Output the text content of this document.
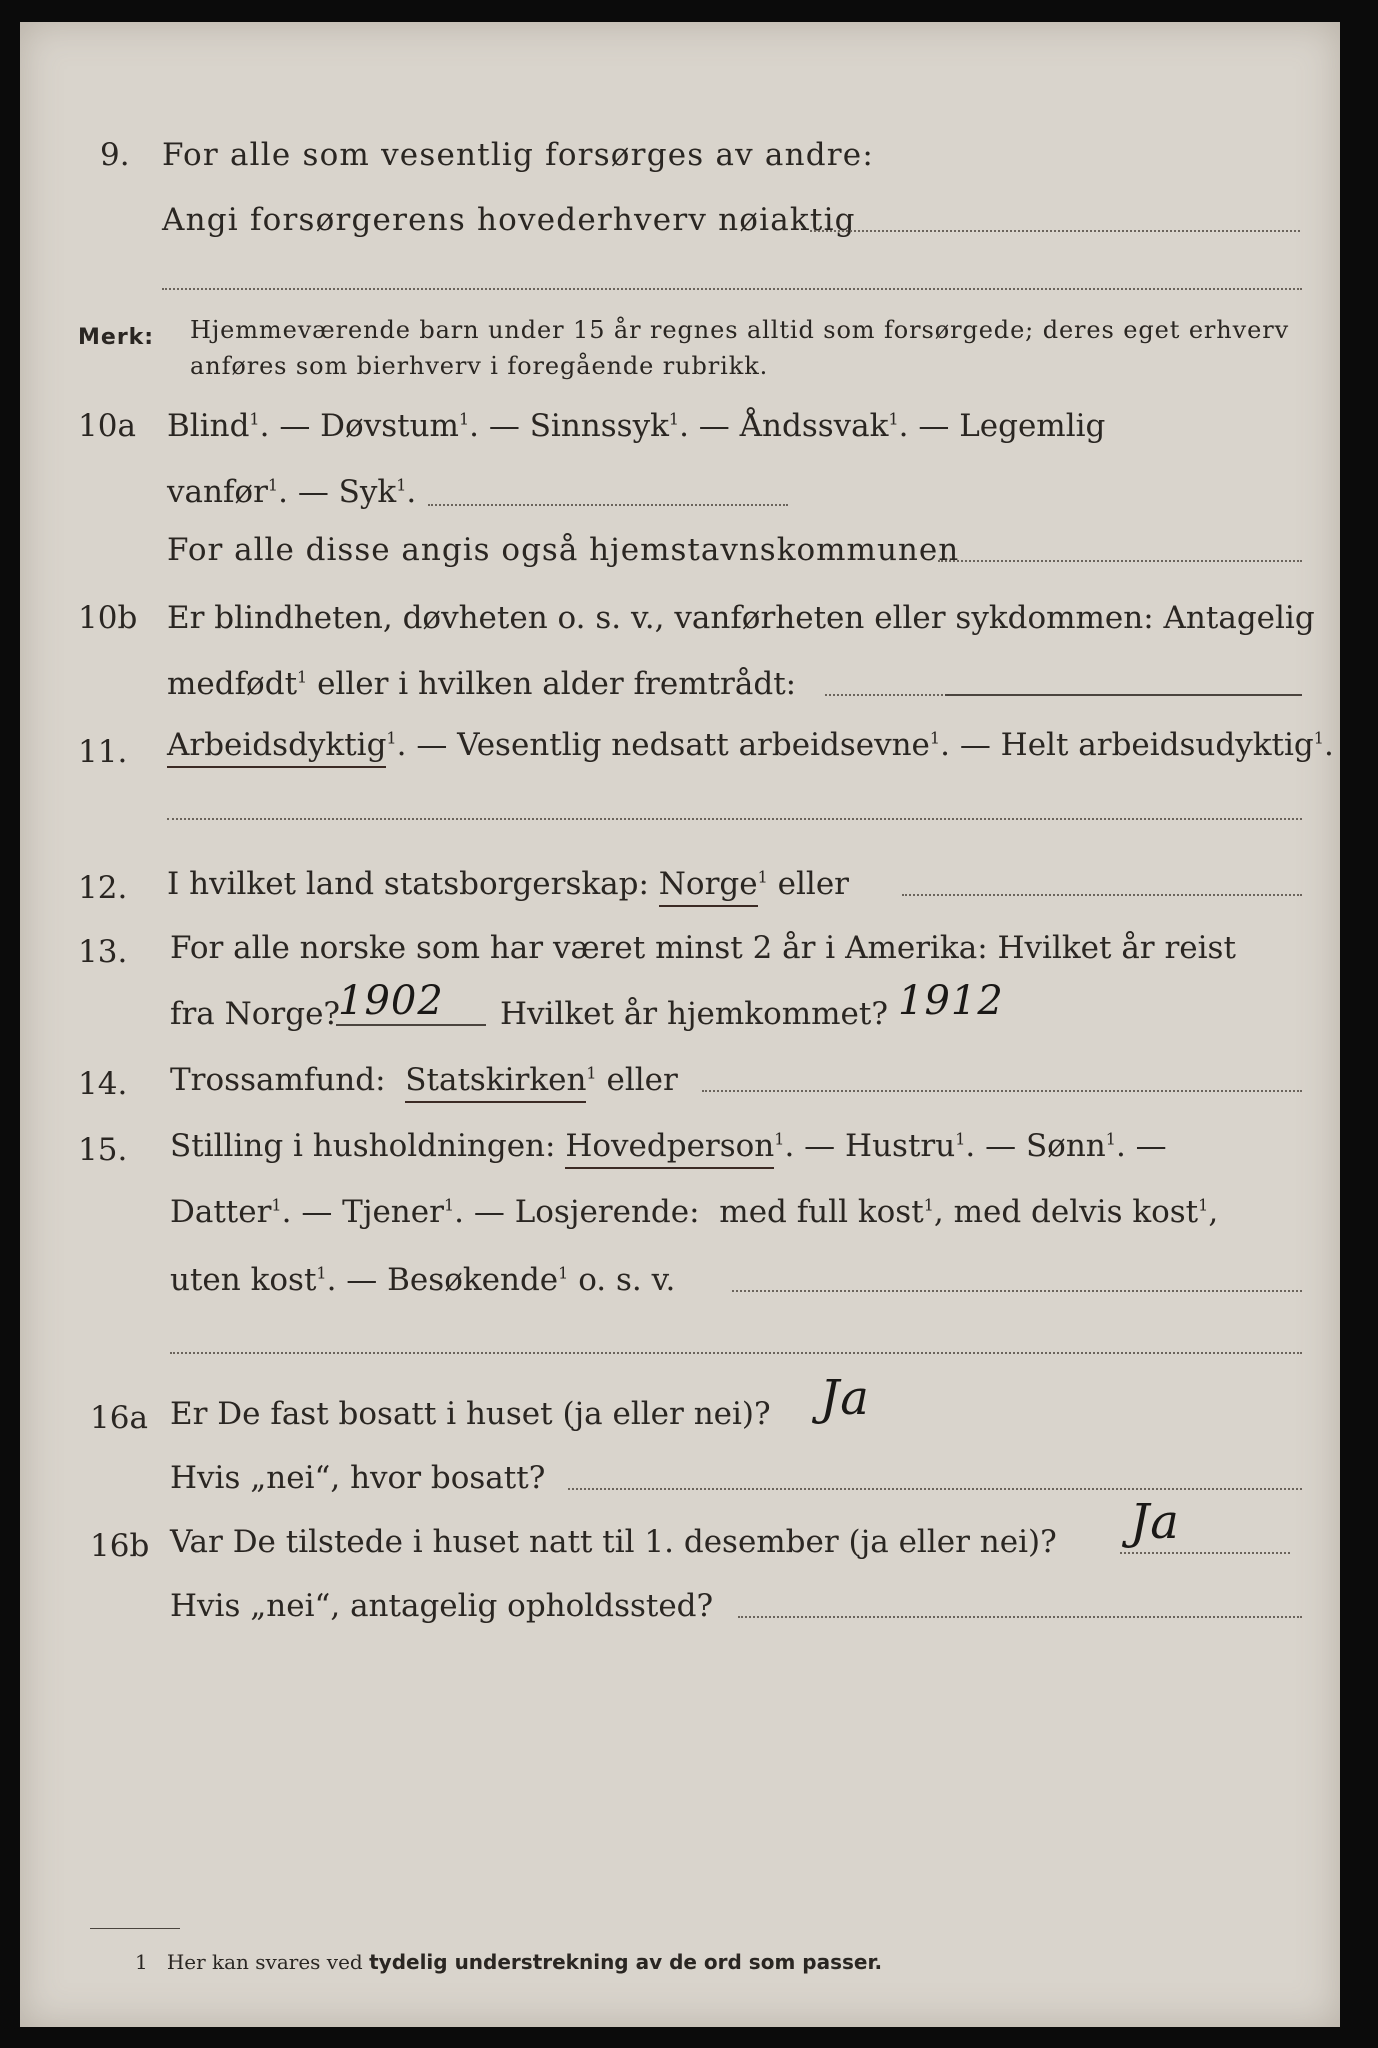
9. For alle som vesentlig forsørges av andre:
Angi forsørgerens hovederhverv nøiaktig
Merk: Hjemmeværende barn under 15 år regnes alltid som forsørgede; deres eget erhverv
anføres som bierhverv i foregående rubrikk.
10a Blind$^1$. — Døvstum$^1$. — Sinnssyk$^1$. — Åndssvak$^1$. — Legemlig
vanfør$^1$. — Syk$^1$.
For alle disse angis også hjemstavnskommunen
10b Er blindheten, døvheten o. s. v., vanførheten eller sykdommen: Antagelig
medfødt$^1$ eller i hvilken alder fremtrådt:
11. Arbeidsdyktig$^1$. — Vesentlig nedsatt arbeidsevne$^1$. — Helt arbeidsudyktig$^1$.
12. I hvilket land statsborgerskap: Norge$^1$ eller
13. For alle norske som har været minst 2 år i Amerika: Hvilket år reist
fra Norge?
1902 Hvilket år hjemkommet? 1912
14. Trossamfund: Statskirken$^1$ eller
15. Stilling i husholdningen: Hovedperson$^1$. — Hustru$^1$. — Sønn$^1$. —
Datter$^1$. — Tjener$^1$. — Losjerende: med full kost$^1$, med delvis kost$^1$,
uten kost$^1$. — Besøkende$^1$ o. s. v.
16a Er De fast bosatt i huset (ja eller nei)? Ja
Hvis „nei“, hvor bosatt?
16b Var De tilstede i huset natt til 1. desember (ja eller nei)? Ja
Hvis „nei“, antagelig opholdssted?
1 Her kan svares ved tydelig understrekning av de ord som passer.
